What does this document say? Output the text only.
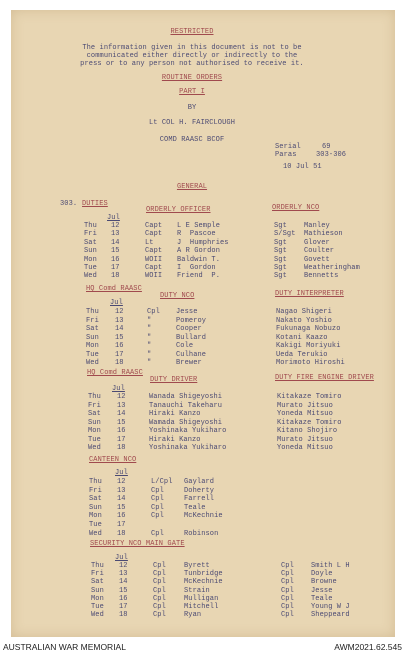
RESTRICTED
The information given in this document is not to be
communicated either directly or indirectly to the
press or to any person not authorised to receive it.
ROUTINE ORDERS
PART I
BY
Lt COL H. FAIRCLOUGH
COMD RAASC BCOF
Serial	69
Paras	303-306
10 Jul 51
GENERAL
303. DUTIES
ORDERLY OFFICER	ORDERLY NCO
Jul
Thu 12	Capt L E Semple	Sgt Manley
Fri 13	Capt R  Pascoe	S/Sgt Mathieson
Sat 14	Lt	J  Humphries	Sgt Glover
Sun 15	Capt A R Gordon	Sgt Coulter
Mon 16	WOII Baldwin T.	Sgt Govett
Tue 17	Capt I  Gordon	Sgt Weatheringham
Wed 18	WOII Friend  P.	Sgt Bennetts
HQ Comd RAASC
DUTY NCO	DUTY INTERPRETER
Jul
Thu 12	Cpl Jesse	Nagao Shigeri
Fri 13	"	Pomeroy	Nakato Yoshio
Sat 14	"	Cooper	Fukunaga Nobuzo
Sun 15	"	Bullard	Kotani Kaazo
Mon 16	"	Cole	Kakigi Moriyuki
Tue 17	"	Culhane	Ueda Terukio
Wed 18	"	Brewer	Morimoto Hiroshi
HQ Comd RAASC
DUTY DRIVER	DUTY FIRE ENGINE DRIVER
Jul
Thu 12	Wanada Shigeyoshi	Kitakaze Tomiro
Fri 13	Tanauchi Takeharu	Murato Jitsuo
Sat 14	Hiraki Kanzo	Yoneda Mitsuo
Sun 15	Wamada Shigeyoshi	Kitakaze Tomiro
Mon 16	Yoshinaka Yukiharo	Kitano Shojiro
Tue 17	Hiraki Kanzo	Murato Jitsuo
Wed 18	Yoshinaka Yukiharo	Yoneda Mitsuo
CANTEEN NCO
Jul
Thu 12	L/Cpl Gaylard
Fri 13	Cpl	Doherty
Sat 14	Cpl	Farrell
Sun 15	Cpl	Teale
Mon 16	Cpl	McKechnie
Tue 17
Wed 18	Cpl	Robinson
SECURITY NCO MAIN GATE
Jul
Thu 12	Cpl	Byrett	Cpl Smith L H
Fri 13	Cpl	Tunbridge	Cpl Doyle
Sat 14	Cpl	McKechnie	Cpl Browne
Sun 15	Cpl	Strain	Cpl Jesse
Mon 16	Cpl	Mulligan	Cpl Teale
Tue 17	Cpl	Mitchell	Cpl Young W J
Wed 18	Cpl	Ryan	Cpl Sheppeard
AUSTRALIAN WAR MEMORIAL	AWM2021.62.545
